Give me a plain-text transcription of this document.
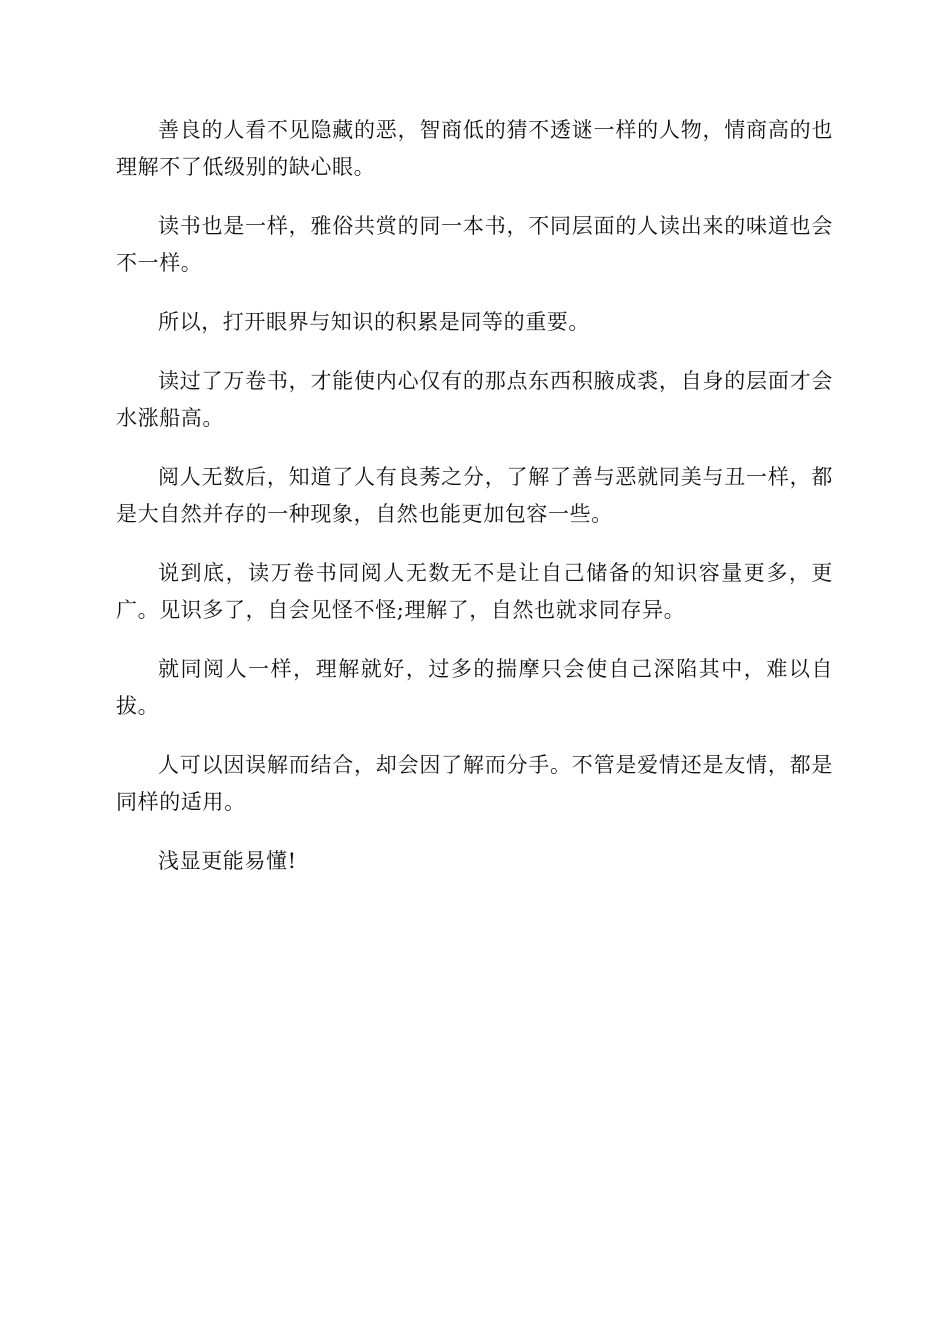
善良的人看不见隐藏的恶，智商低的猜不透谜一样的人物，情商高的也理解不了低级别的缺心眼。

读书也是一样，雅俗共赏的同一本书，不同层面的人读出来的味道也会不一样。

所以，打开眼界与知识的积累是同等的重要。

读过了万卷书，才能使内心仅有的那点东西积腋成裘，自身的层面才会水涨船高。

阅人无数后，知道了人有良莠之分，了解了善与恶就同美与丑一样，都是大自然并存的一种现象，自然也能更加包容一些。

说到底，读万卷书同阅人无数无不是让自己储备的知识容量更多，更广。见识多了，自会见怪不怪;理解了，自然也就求同存异。

就同阅人一样，理解就好，过多的揣摩只会使自己深陷其中，难以自拔。

人可以因误解而结合，却会因了解而分手。不管是爱情还是友情，都是同样的适用。

浅显更能易懂!
